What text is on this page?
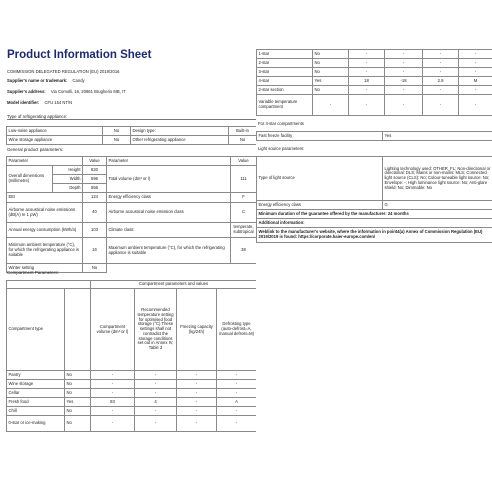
Product Information Sheet
COMMISSION DELEGATED REGULATION (EU) 2019/2016
Supplier's name or trademark: Candy
Supplier's address: Via Comolli, 16, 20861 Brugherio MB, IT
Model identifier: CFU 154 NT/N
Type of refrigerating appliance:
Low-noise appliance	No	Design type:	Built-in
Wine storage appliance	No	Other refrigerating appliance	No
General product parameters:
Parameter		Value	Parameter	Value
Overall dimensions (millimetre)	Height	820	Total volume (dm³ or l)	111
	Width	596		
	Depth	556		
EEI		124	Energy efficiency class	F
Airborne acoustical noise emissions (dB(A) re 1 pW)		40	Airborne acoustical noise emission class	C
Annual energy consumption (kWh/a)		103	Climate class:	temperate, subtropical
Minimum ambient temperature (°C), for which the refrigerating appliance is suitable		16	Maximum ambient temperature (°C), for which the refrigerating appliance is suitable	38
Winter setting		No		
Compartment Parameters:
		Compartment parameters and values			
Compartment type		Compartment volume (dm³ or l)	Recommended temperature setting for optimised food storage (°C) These settings shall not contradict the storage conditions set out in Annex IV, Table 3	Freezing capacity (kg/24h)	Defrosting type (auto-defrost=A, manual defrost=M)
Pantry	No	-	-	-	-
Wine storage	No	-	-	-	-
Cellar	No	-	-	-	-
Fresh food	Yes	93	4	-	A
Chill	No	-	-	-	-
0-star or ice-making	No	-	-	-	-
1-star	No	-	-	-	-
2-star	No	-	-	-	-
3-star	No	-	-	-	-
4-star	Yes	18	-18	2.9	M
2-star section	No	-	-	-	-
Variable temperature compartment	-	-	-	-	-
For 4-star compartments
Fast freeze facility	Yes
Light source parameters:
Type of light source	Lighting technology used: OTHER_FL; Non-directional or directional: DLS; Mains or non-mains: MLS; Connected light source (CLS): No; Colour-tuneable light source: No; Envelope: -; High luminance light source: No; Anti-glare shield: No; Dimmable: No
Energy efficiency class	G
Minimum duration of the guarantee offered by the manufacturer: 24 months	
Additional information:	
Weblink to the manufacturer's website, where the information in point4(a) Annex of Commission Regulation (EU) 2019/2019 is found: https://corporate.haier-europe.com/en/	
